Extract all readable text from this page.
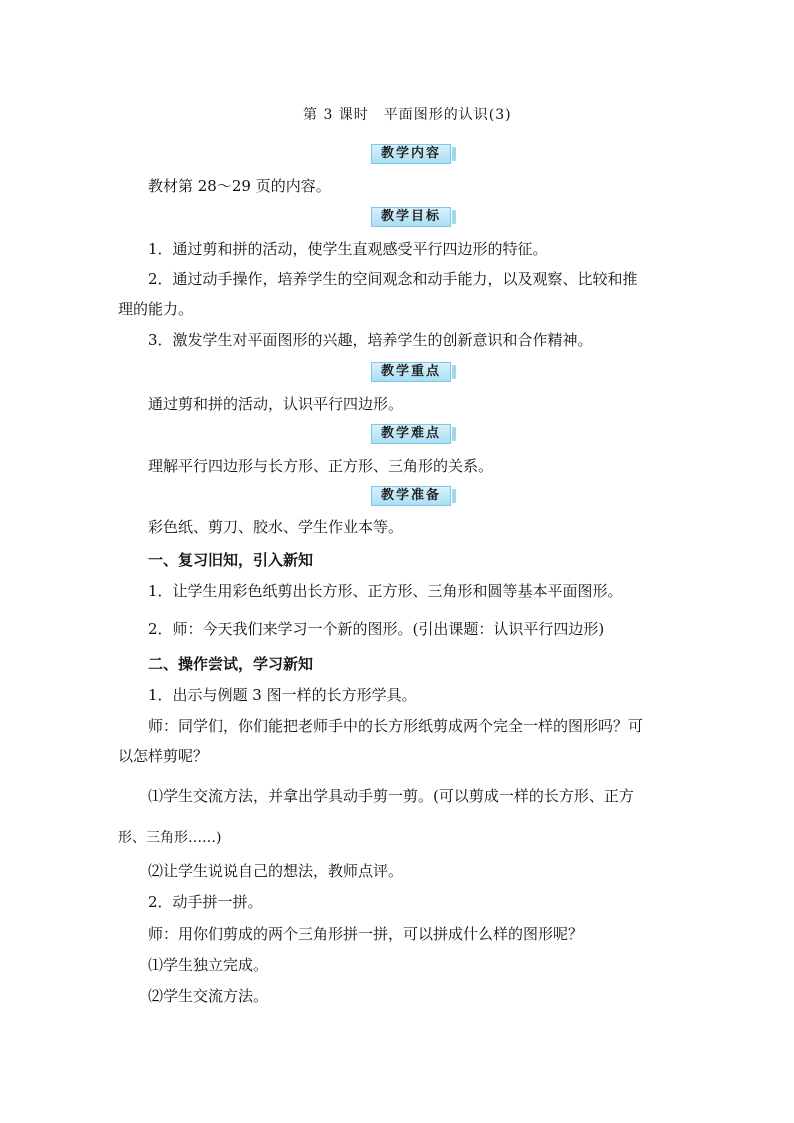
第 3 课时　平面图形的认识(3)
教学内容
教材第 28～29 页的内容。
教学目标
1．通过剪和拼的活动，使学生直观感受平行四边形的特征。
2．通过动手操作，培养学生的空间观念和动手能力，以及观察、比较和推
理的能力。
3．激发学生对平面图形的兴趣，培养学生的创新意识和合作精神。
教学重点
通过剪和拼的活动，认识平行四边形。
教学难点
理解平行四边形与长方形、正方形、三角形的关系。
教学准备
彩色纸、剪刀、胶水、学生作业本等。
一、复习旧知，引入新知
1．让学生用彩色纸剪出长方形、正方形、三角形和圆等基本平面图形。
2．师：今天我们来学习一个新的图形。(引出课题：认识平行四边形)
二、操作尝试，学习新知
1．出示与例题 3 图一样的长方形学具。
师：同学们，你们能把老师手中的长方形纸剪成两个完全一样的图形吗？可
以怎样剪呢？
⑴学生交流方法，并拿出学具动手剪一剪。(可以剪成一样的长方形、正方
形、三角形……)
⑵让学生说说自己的想法，教师点评。
2．动手拼一拼。
师：用你们剪成的两个三角形拼一拼，可以拼成什么样的图形呢？
⑴学生独立完成。
⑵学生交流方法。
